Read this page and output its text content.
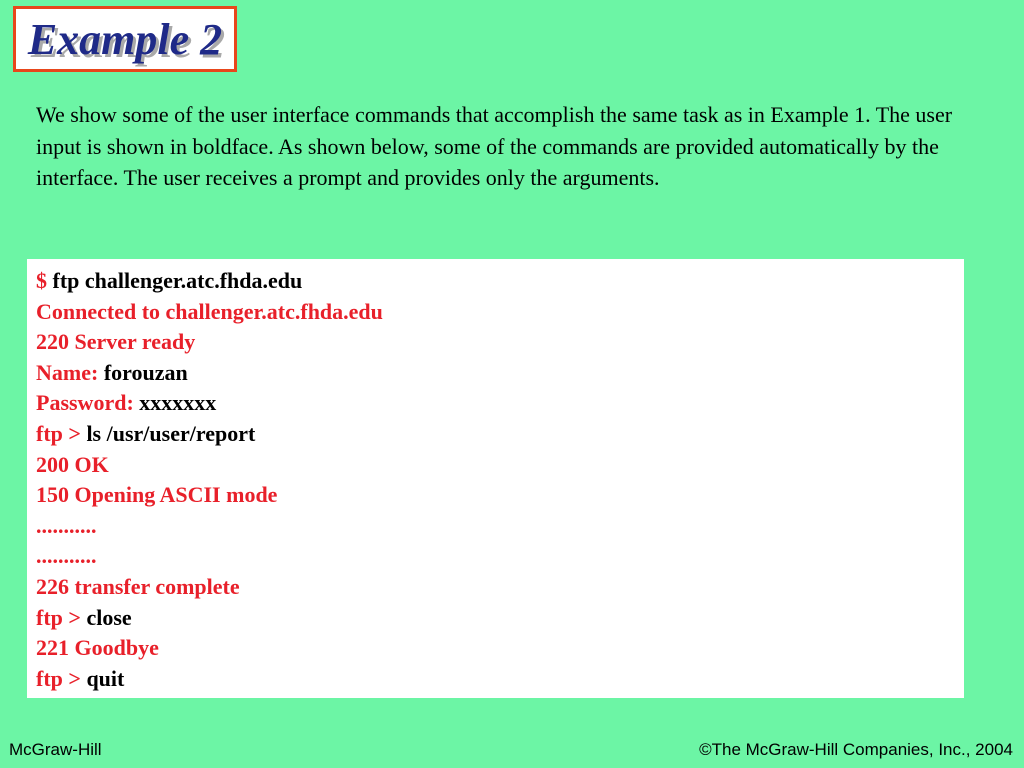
Example 2
We show some of the user interface commands that accomplish the same task as in Example 1. The user input is shown in boldface. As shown below, some of the commands are provided automatically by the interface. The user receives a prompt and provides only the arguments.
$ ftp challenger.atc.fhda.edu
Connected to challenger.atc.fhda.edu
220 Server ready
Name: forouzan
Password: xxxxxxx
ftp > ls /usr/user/report
200 OK
150 Opening ASCII mode
...........
...........
226 transfer complete
ftp > close
221 Goodbye
ftp > quit
McGraw-Hill	©The McGraw-Hill Companies, Inc., 2004
